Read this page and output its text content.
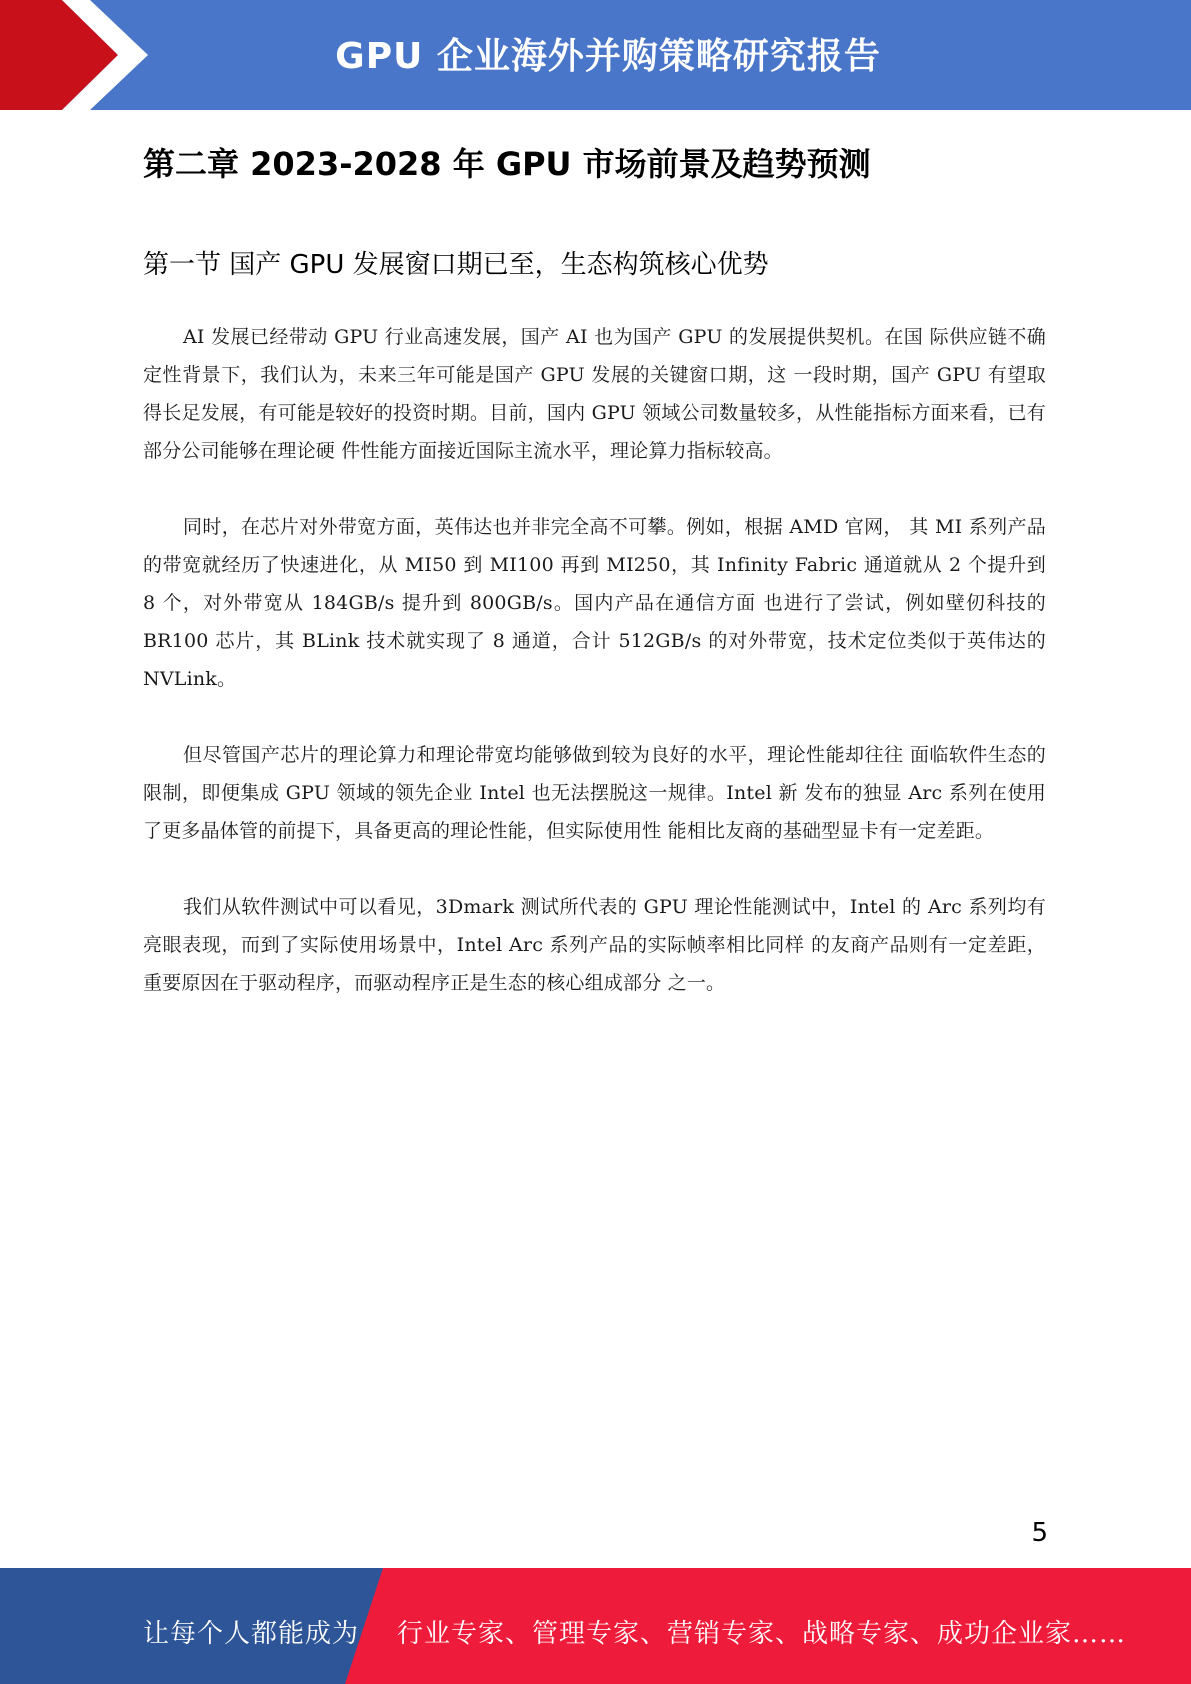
GPU 企业海外并购策略研究报告
第二章 2023-2028 年 GPU 市场前景及趋势预测
第一节 国产 GPU 发展窗口期已至，生态构筑核心优势

AI 发展已经带动 GPU 行业高速发展，国产 AI 也为国产 GPU 的发展提供契机。在国 际供应链不确定性背景下，我们认为，未来三年可能是国产 GPU 发展的关键窗口期，这 一段时期，国产 GPU 有望取得长足发展，有可能是较好的投资时期。目前，国内 GPU 领域公司数量较多，从性能指标方面来看，已有部分公司能够在理论硬 件性能方面接近国际主流水平，理论算力指标较高。

同时，在芯片对外带宽方面，英伟达也并非完全高不可攀。例如，根据 AMD 官网， 其 MI 系列产品的带宽就经历了快速进化，从 MI50 到 MI100 再到 MI250，其 Infinity Fabric 通道就从 2 个提升到 8 个，对外带宽从 184GB/s 提升到 800GB/s。国内产品在通信方面 也进行了尝试，例如壁仞科技的 BR100 芯片，其 BLink 技术就实现了 8 通道，合计 512GB/s 的对外带宽，技术定位类似于英伟达的 NVLink。

但尽管国产芯片的理论算力和理论带宽均能够做到较为良好的水平，理论性能却往往 面临软件生态的限制，即便集成 GPU 领域的领先企业 Intel 也无法摆脱这一规律。Intel 新 发布的独显 Arc 系列在使用了更多晶体管的前提下，具备更高的理论性能，但实际使用性 能相比友商的基础型显卡有一定差距。

我们从软件测试中可以看见，3Dmark 测试所代表的 GPU 理论性能测试中，Intel 的 Arc 系列均有亮眼表现，而到了实际使用场景中，Intel Arc 系列产品的实际帧率相比同样 的友商产品则有一定差距，重要原因在于驱动程序，而驱动程序正是生态的核心组成部分 之一。

5
让每个人都能成为 行业专家、管理专家、营销专家、战略专家、成功企业家……
